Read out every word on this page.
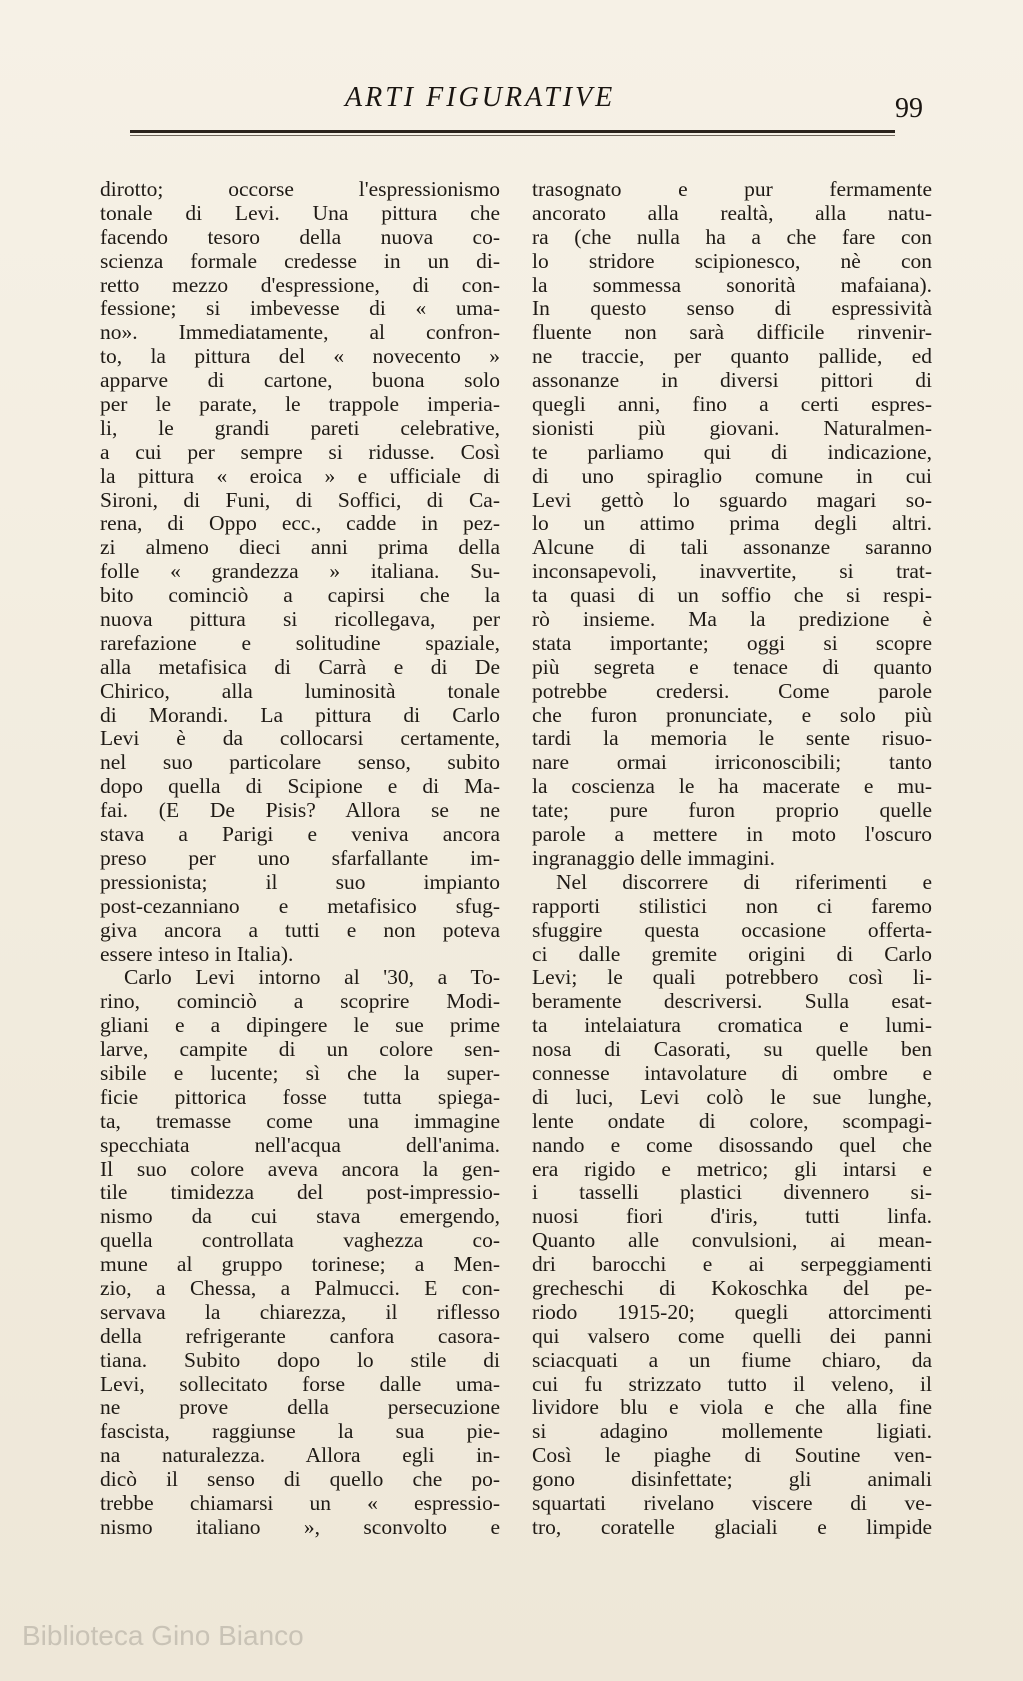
ARTI FIGURATIVE	99
dirotto; occorse l'espressionismo
tonale di Levi. Una pittura che
facendo tesoro della nuova co-
scienza formale credesse in un di-
retto mezzo d'espressione, di con-
fessione; si imbevesse di « uma-
no». Immediatamente, al confron-
to, la pittura del « novecento »
apparve di cartone, buona solo
per le parate, le trappole imperia-
li, le grandi pareti celebrative,
a cui per sempre si ridusse. Così
la pittura « eroica » e ufficiale di
Sironi, di Funi, di Soffici, di Ca-
rena, di Oppo ecc., cadde in pez-
zi almeno dieci anni prima della
folle « grandezza » italiana. Su-
bito cominciò a capirsi che la
nuova pittura si ricollegava, per
rarefazione e solitudine spaziale,
alla metafisica di Carrà e di De
Chirico, alla luminosità tonale
di Morandi. La pittura di Carlo
Levi è da collocarsi certamente,
nel suo particolare senso, subito
dopo quella di Scipione e di Ma-
fai. (E De Pisis? Allora se ne
stava a Parigi e veniva ancora
preso per uno sfarfallante im-
pressionista; il suo impianto
post-cezanniano e metafisico sfug-
giva ancora a tutti e non poteva
essere inteso in Italia).
Carlo Levi intorno al '30, a To-
rino, cominciò a scoprire Modi-
gliani e a dipingere le sue prime
larve, campite di un colore sen-
sibile e lucente; sì che la super-
ficie pittorica fosse tutta spiega-
ta, tremasse come una immagine
specchiata nell'acqua dell'anima.
Il suo colore aveva ancora la gen-
tile timidezza del post-impressio-
nismo da cui stava emergendo,
quella controllata vaghezza co-
mune al gruppo torinese; a Men-
zio, a Chessa, a Palmucci. E con-
servava la chiarezza, il riflesso
della refrigerante canfora casora-
tiana. Subito dopo lo stile di
Levi, sollecitato forse dalle uma-
ne prove della persecuzione
fascista, raggiunse la sua pie-
na naturalezza. Allora egli in-
dicò il senso di quello che po-
trebbe chiamarsi un « espressio-
nismo italiano », sconvolto e
trasognato e pur fermamente
ancorato alla realtà, alla natu-
ra (che nulla ha a che fare con
lo stridore scipionesco, nè con
la sommessa sonorità mafaiana).
In questo senso di espressività
fluente non sarà difficile rinvenir-
ne traccie, per quanto pallide, ed
assonanze in diversi pittori di
quegli anni, fino a certi espres-
sionisti più giovani. Naturalmen-
te parliamo qui di indicazione,
di uno spiraglio comune in cui
Levi gettò lo sguardo magari so-
lo un attimo prima degli altri.
Alcune di tali assonanze saranno
inconsapevoli, inavvertite, si trat-
ta quasi di un soffio che si respi-
rò insieme. Ma la predizione è
stata importante; oggi si scopre
più segreta e tenace di quanto
potrebbe credersi. Come parole
che furon pronunciate, e solo più
tardi la memoria le sente risuo-
nare ormai irriconoscibili; tanto
la coscienza le ha macerate e mu-
tate; pure furon proprio quelle
parole a mettere in moto l'oscuro
ingranaggio delle immagini.
Nel discorrere di riferimenti e
rapporti stilistici non ci faremo
sfuggire questa occasione offerta-
ci dalle gremite origini di Carlo
Levi; le quali potrebbero così li-
beramente descriversi. Sulla esat-
ta intelaiatura cromatica e lumi-
nosa di Casorati, su quelle ben
connesse intavolature di ombre e
di luci, Levi colò le sue lunghe,
lente ondate di colore, scompagi-
nando e come disossando quel che
era rigido e metrico; gli intarsi e
i tasselli plastici divennero si-
nuosi fiori d'iris, tutti linfa.
Quanto alle convulsioni, ai mean-
dri barocchi e ai serpeggiamenti
grecheschi di Kokoschka del pe-
riodo 1915-20; quegli attorcimenti
qui valsero come quelli dei panni
sciacquati a un fiume chiaro, da
cui fu strizzato tutto il veleno, il
lividore blu e viola e che alla fine
si adagino mollemente ligiati.
Così le piaghe di Soutine ven-
gono disinfettate; gli animali
squartati rivelano viscere di ve-
tro, coratelle glaciali e limpide
Biblioteca Gino Bianco
